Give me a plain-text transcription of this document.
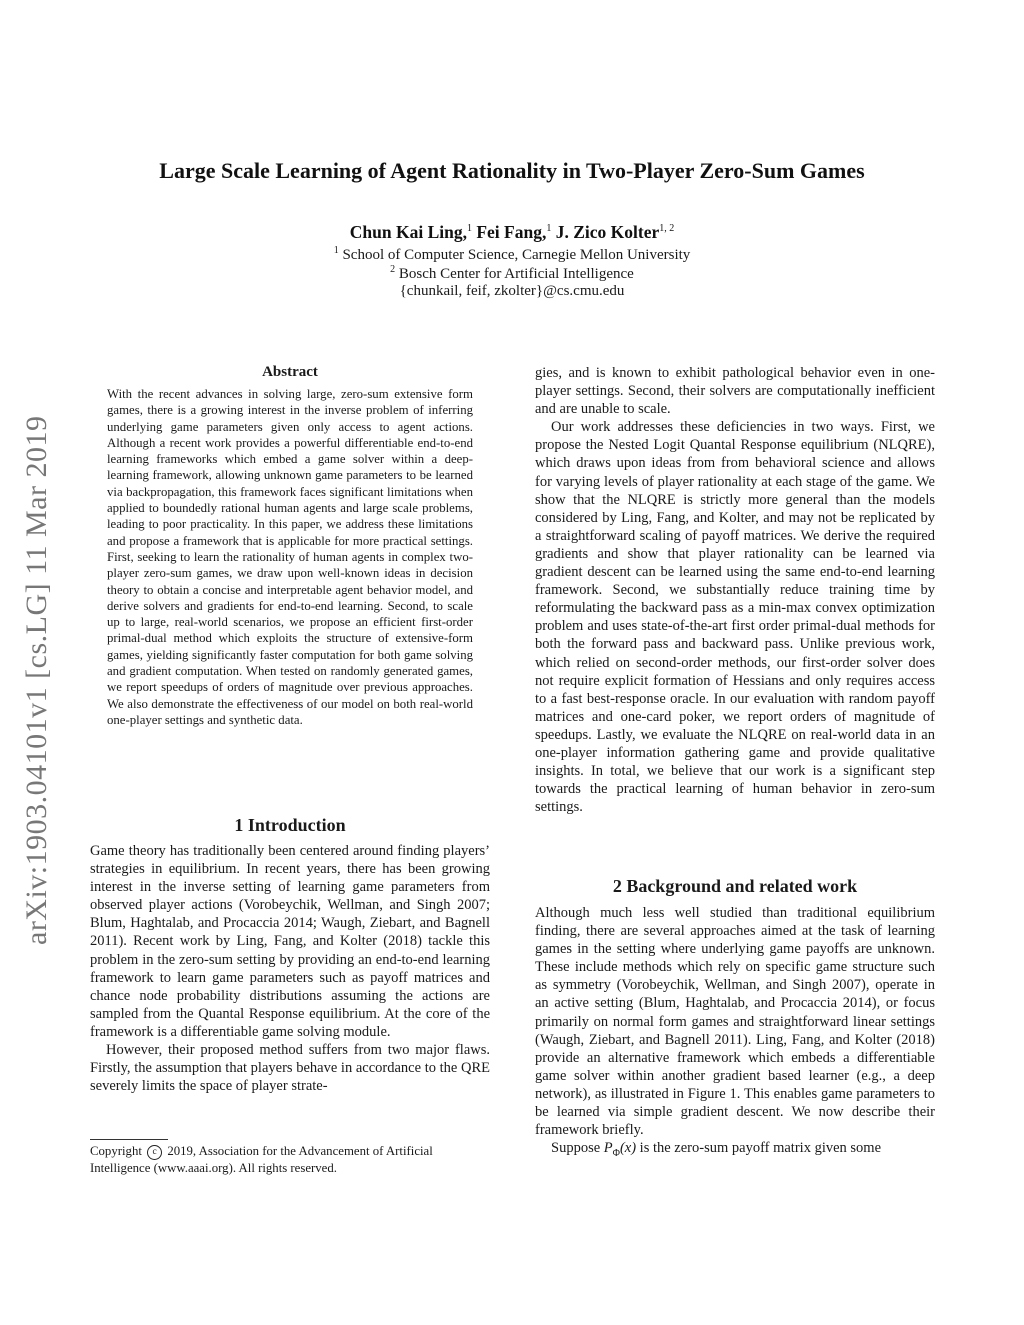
arXiv:1903.04101v1 [cs.LG] 11 Mar 2019
Large Scale Learning of Agent Rationality in Two-Player Zero-Sum Games
Chun Kai Ling,$^1$ Fei Fang,$^1$ J. Zico Kolter$^{1, 2}$
$^1$ School of Computer Science, Carnegie Mellon University
$^2$ Bosch Center for Artificial Intelligence
{chunkail, feif, zkolter}@cs.cmu.edu
Abstract

With the recent advances in solving large, zero-sum extensive form games, there is a growing interest in the inverse problem of inferring underlying game parameters given only access to agent actions. Although a recent work provides a powerful differentiable end-to-end learning frameworks which embed a game solver within a deep-learning framework, allowing unknown game parameters to be learned via backpropagation, this framework faces significant limitations when applied to boundedly rational human agents and large scale problems, leading to poor practicality. In this paper, we address these limitations and propose a framework that is applicable for more practical settings. First, seeking to learn the rationality of human agents in complex two-player zero-sum games, we draw upon well-known ideas in decision theory to obtain a concise and interpretable agent behavior model, and derive solvers and gradients for end-to-end learning. Second, to scale up to large, real-world scenarios, we propose an efficient first-order primal-dual method which exploits the structure of extensive-form games, yielding significantly faster computation for both game solving and gradient computation. When tested on randomly generated games, we report speedups of orders of magnitude over previous approaches. We also demonstrate the effectiveness of our model on both real-world one-player settings and synthetic data.

1 Introduction

Game theory has traditionally been centered around finding players’ strategies in equilibrium. In recent years, there has been growing interest in the inverse setting of learning game parameters from observed player actions (Vorobeychik, Wellman, and Singh 2007; Blum, Haghtalab, and Procaccia 2014; Waugh, Ziebart, and Bagnell 2011). Recent work by Ling, Fang, and Kolter (2018) tackle this problem in the zero-sum setting by providing an end-to-end learning framework to learn game parameters such as payoff matrices and chance node probability distributions assuming the actions are sampled from the Quantal Response equilibrium. At the core of the framework is a differentiable game solving module.

However, their proposed method suffers from two major flaws. Firstly, the assumption that players behave in accordance to the QRE severely limits the space of player strate-

Copyright c 2019, Association for the Advancement of Artificial Intelligence (www.aaai.org). All rights reserved.

gies, and is known to exhibit pathological behavior even in one-player settings. Second, their solvers are computationally inefficient and are unable to scale.

Our work addresses these deficiencies in two ways. First, we propose the Nested Logit Quantal Response equilibrium (NLQRE), which draws upon ideas from from behavioral science and allows for varying levels of player rationality at each stage of the game. We show that the NLQRE is strictly more general than the models considered by Ling, Fang, and Kolter, and may not be replicated by a straightforward scaling of payoff matrices. We derive the required gradients and show that player rationality can be learned via gradient descent can be learned using the same end-to-end learning framework. Second, we substantially reduce training time by reformulating the backward pass as a min-max convex optimization problem and uses state-of-the-art first order primal-dual methods for both the forward pass and backward pass. Unlike previous work, which relied on second-order methods, our first-order solver does not require explicit formation of Hessians and only requires access to a fast best-response oracle. In our evaluation with random payoff matrices and one-card poker, we report orders of magnitude of speedups. Lastly, we evaluate the NLQRE on real-world data in an one-player information gathering game and provide qualitative insights. In total, we believe that our work is a significant step towards the practical learning of human behavior in zero-sum settings.

2 Background and related work

Although much less well studied than traditional equilibrium finding, there are several approaches aimed at the task of learning games in the setting where underlying game payoffs are unknown. These include methods which rely on specific game structure such as symmetry (Vorobeychik, Wellman, and Singh 2007), operate in an active setting (Blum, Haghtalab, and Procaccia 2014), or focus primarily on normal form games and straightforward linear settings (Waugh, Ziebart, and Bagnell 2011). Ling, Fang, and Kolter (2018) provide an alternative framework which embeds a differentiable game solver within another gradient based learner (e.g., a deep network), as illustrated in Figure 1. This enables game parameters to be learned via simple gradient descent. We now describe their framework briefly.

Suppose $P_\Phi(x)$ is the zero-sum payoff matrix given some
